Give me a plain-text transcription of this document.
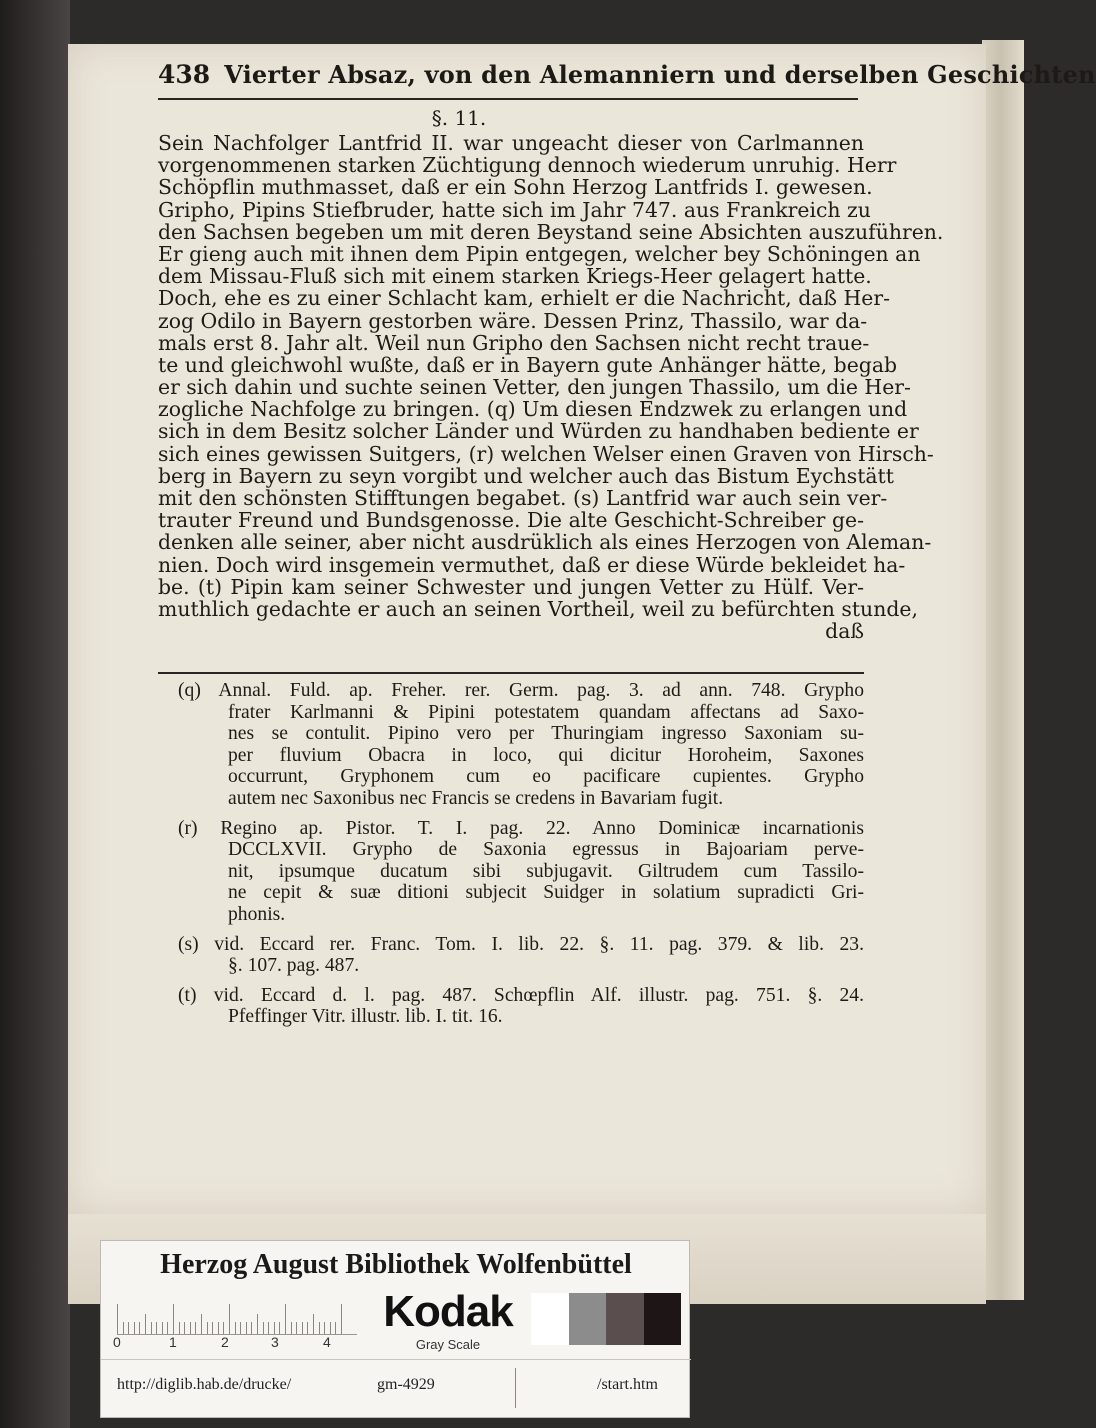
438 Vierter Absaz, von den Alemanniern und derselben Geschichten
§. 11.
Sein Nachfolger Lantfrid II. war ungeacht dieser von Carlmannen
vorgenommenen starken Züchtigung dennoch wiederum unruhig. Herr
Schöpflin muthmasset, daß er ein Sohn Herzog Lantfrids I. gewesen.
Gripho, Pipins Stiefbruder, hatte sich im Jahr 747. aus Frankreich zu
den Sachsen begeben um mit deren Beystand seine Absichten auszuführen.
Er gieng auch mit ihnen dem Pipin entgegen, welcher bey Schöningen an
dem Missau-Fluß sich mit einem starken Kriegs-Heer gelagert hatte.
Doch, ehe es zu einer Schlacht kam, erhielt er die Nachricht, daß Her-
zog Odilo in Bayern gestorben wäre. Dessen Prinz, Thassilo, war da-
mals erst 8. Jahr alt. Weil nun Gripho den Sachsen nicht recht traue-
te und gleichwohl wußte, daß er in Bayern gute Anhänger hätte, begab
er sich dahin und suchte seinen Vetter, den jungen Thassilo, um die Her-
zogliche Nachfolge zu bringen. (q) Um diesen Endzwek zu erlangen und
sich in dem Besitz solcher Länder und Würden zu handhaben bediente er
sich eines gewissen Suitgers, (r) welchen Welser einen Graven von Hirsch-
berg in Bayern zu seyn vorgibt und welcher auch das Bistum Eychstätt
mit den schönsten Stifftungen begabet. (s) Lantfrid war auch sein ver-
trauter Freund und Bundsgenosse. Die alte Geschicht-Schreiber ge-
denken alle seiner, aber nicht ausdrüklich als eines Herzogen von Aleman-
nien. Doch wird insgemein vermuthet, daß er diese Würde bekleidet ha-
be. (t) Pipin kam seiner Schwester und jungen Vetter zu Hülf. Ver-
muthlich gedachte er auch an seinen Vortheil, weil zu befürchten stunde,
daß
(q) Annal. Fuld. ap. Freher. rer. Germ. pag. 3. ad ann. 748. Grypho
frater Karlmanni & Pipini potestatem quandam affectans ad Saxo-
nes se contulit. Pipino vero per Thuringiam ingresso Saxoniam su-
per fluvium Obacra in loco, qui dicitur Horoheim, Saxones
occurrunt, Gryphonem cum eo pacificare cupientes. Grypho
autem nec Saxonibus nec Francis se credens in Bavariam fugit.
(r) Regino ap. Pistor. T. I. pag. 22. Anno Dominicæ incarnationis
DCCLXVII. Grypho de Saxonia egressus in Bajoariam perve-
nit, ipsumque ducatum sibi subjugavit. Giltrudem cum Tassilo-
ne cepit & suæ ditioni subjecit Suidger in solatium supradicti Gri-
phonis.
(s) vid. Eccard rer. Franc. Tom. I. lib. 22. §. 11. pag. 379. & lib. 23.
§. 107. pag. 487.
(t) vid. Eccard d. l. pag. 487. Schœpflin Alf. illustr. pag. 751. §. 24.
Pfeffinger Vitr. illustr. lib. I. tit. 16.
Herzog August Bibliothek Wolfenbüttel
0	1	2	3	4
Kodak
Gray Scale
http://diglib.hab.de/drucke/	gm-4929	/start.htm
